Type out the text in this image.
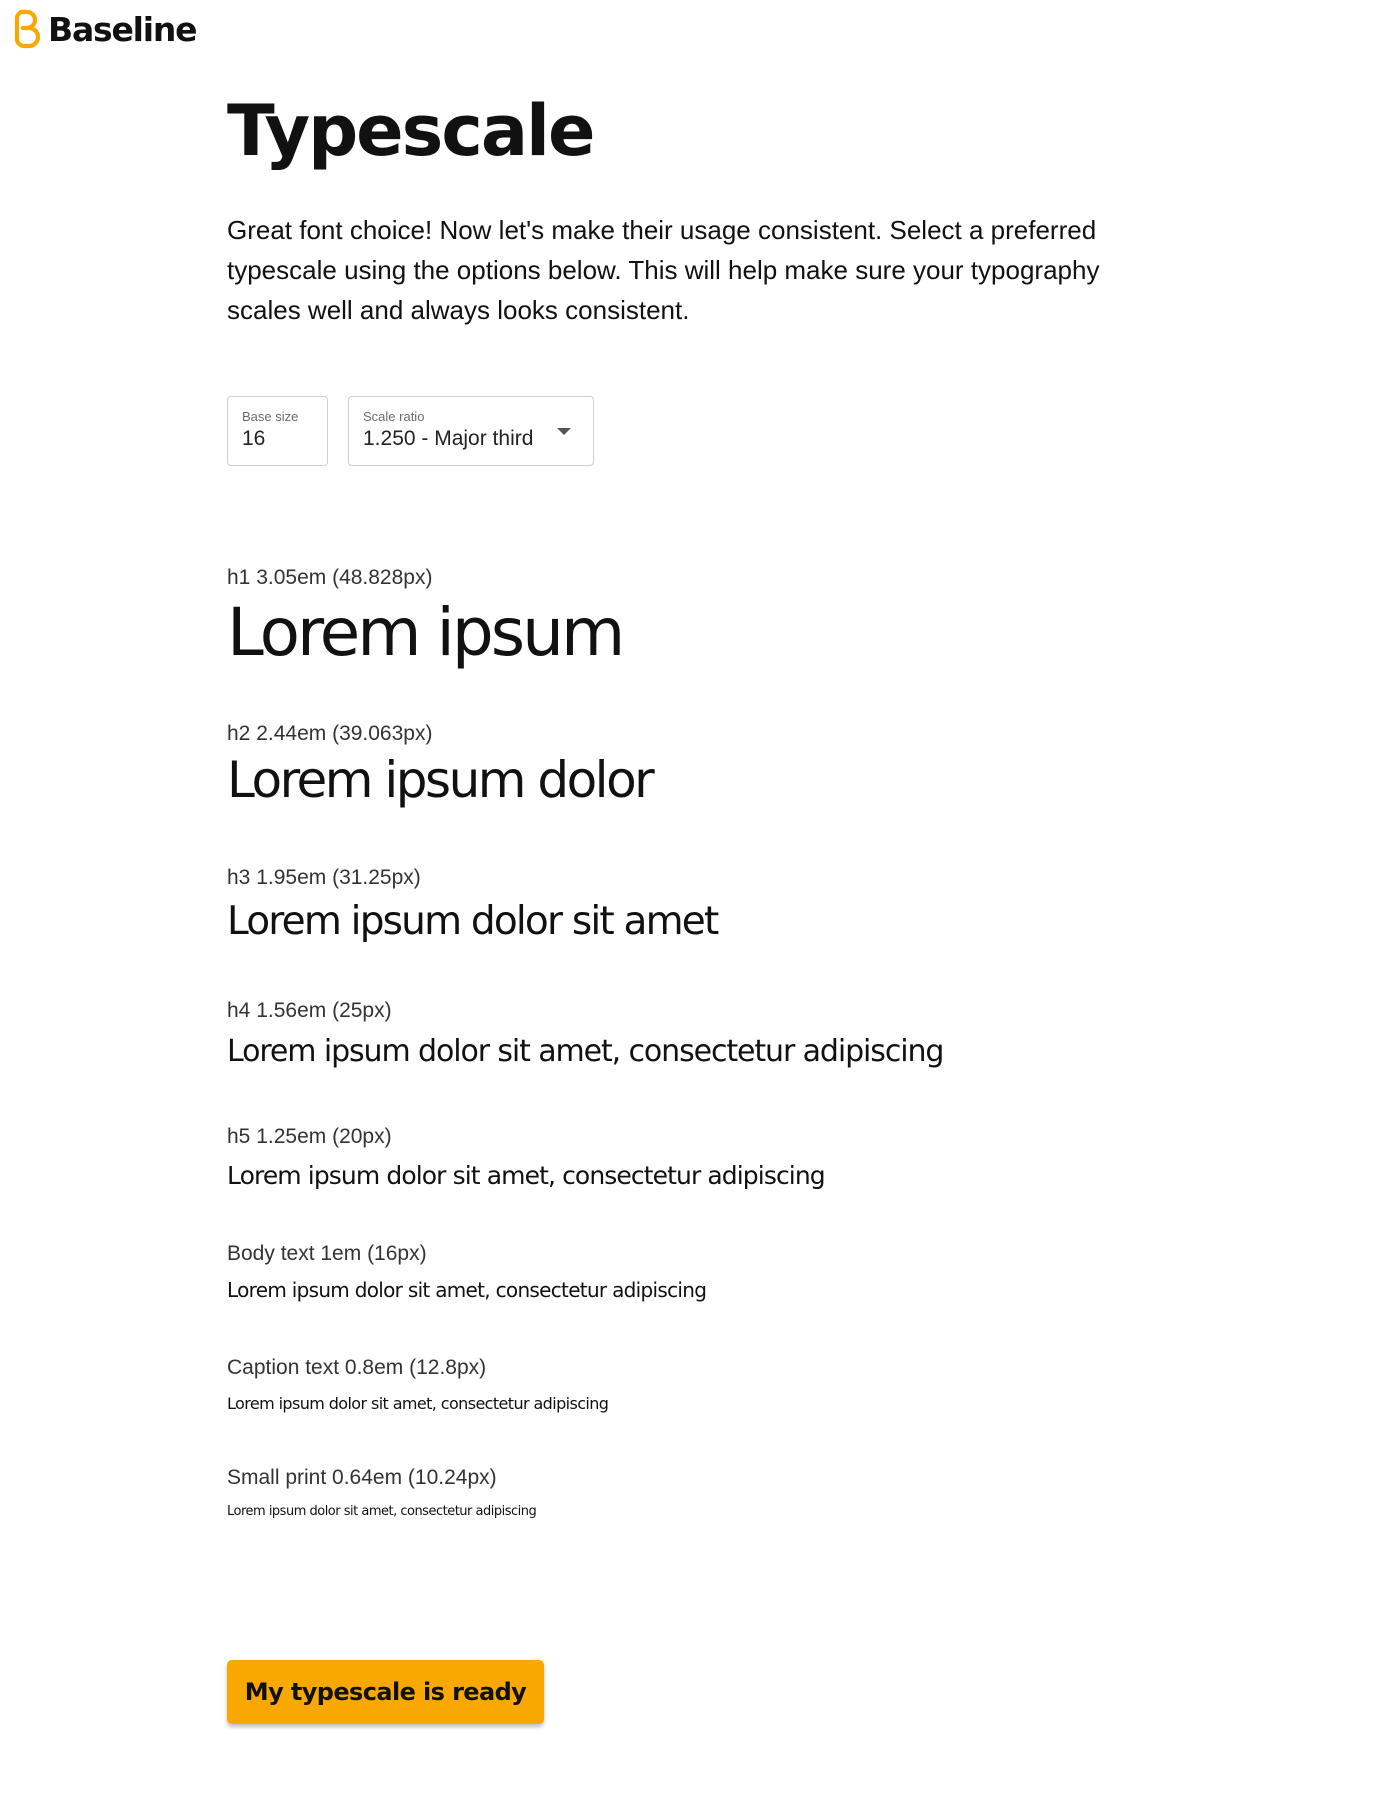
Baseline
Typescale

Great font choice! Now let's make their usage consistent. Select a preferred typescale using the options below. This will help make sure your typography scales well and always looks consistent.

Base size
16
Scale ratio
1.250 - Major third

h1 3.05em (48.828px)

Lorem ipsum

h2 2.44em (39.063px)

Lorem ipsum dolor

h3 1.95em (31.25px)

Lorem ipsum dolor sit amet

h4 1.56em (25px)

Lorem ipsum dolor sit amet, consectetur adipiscing

h5 1.25em (20px)

Lorem ipsum dolor sit amet, consectetur adipiscing

Body text 1em (16px)

Lorem ipsum dolor sit amet, consectetur adipiscing

Caption text 0.8em (12.8px)

Lorem ipsum dolor sit amet, consectetur adipiscing

Small print 0.64em (10.24px)

Lorem ipsum dolor sit amet, consectetur adipiscing

My typescale is ready
